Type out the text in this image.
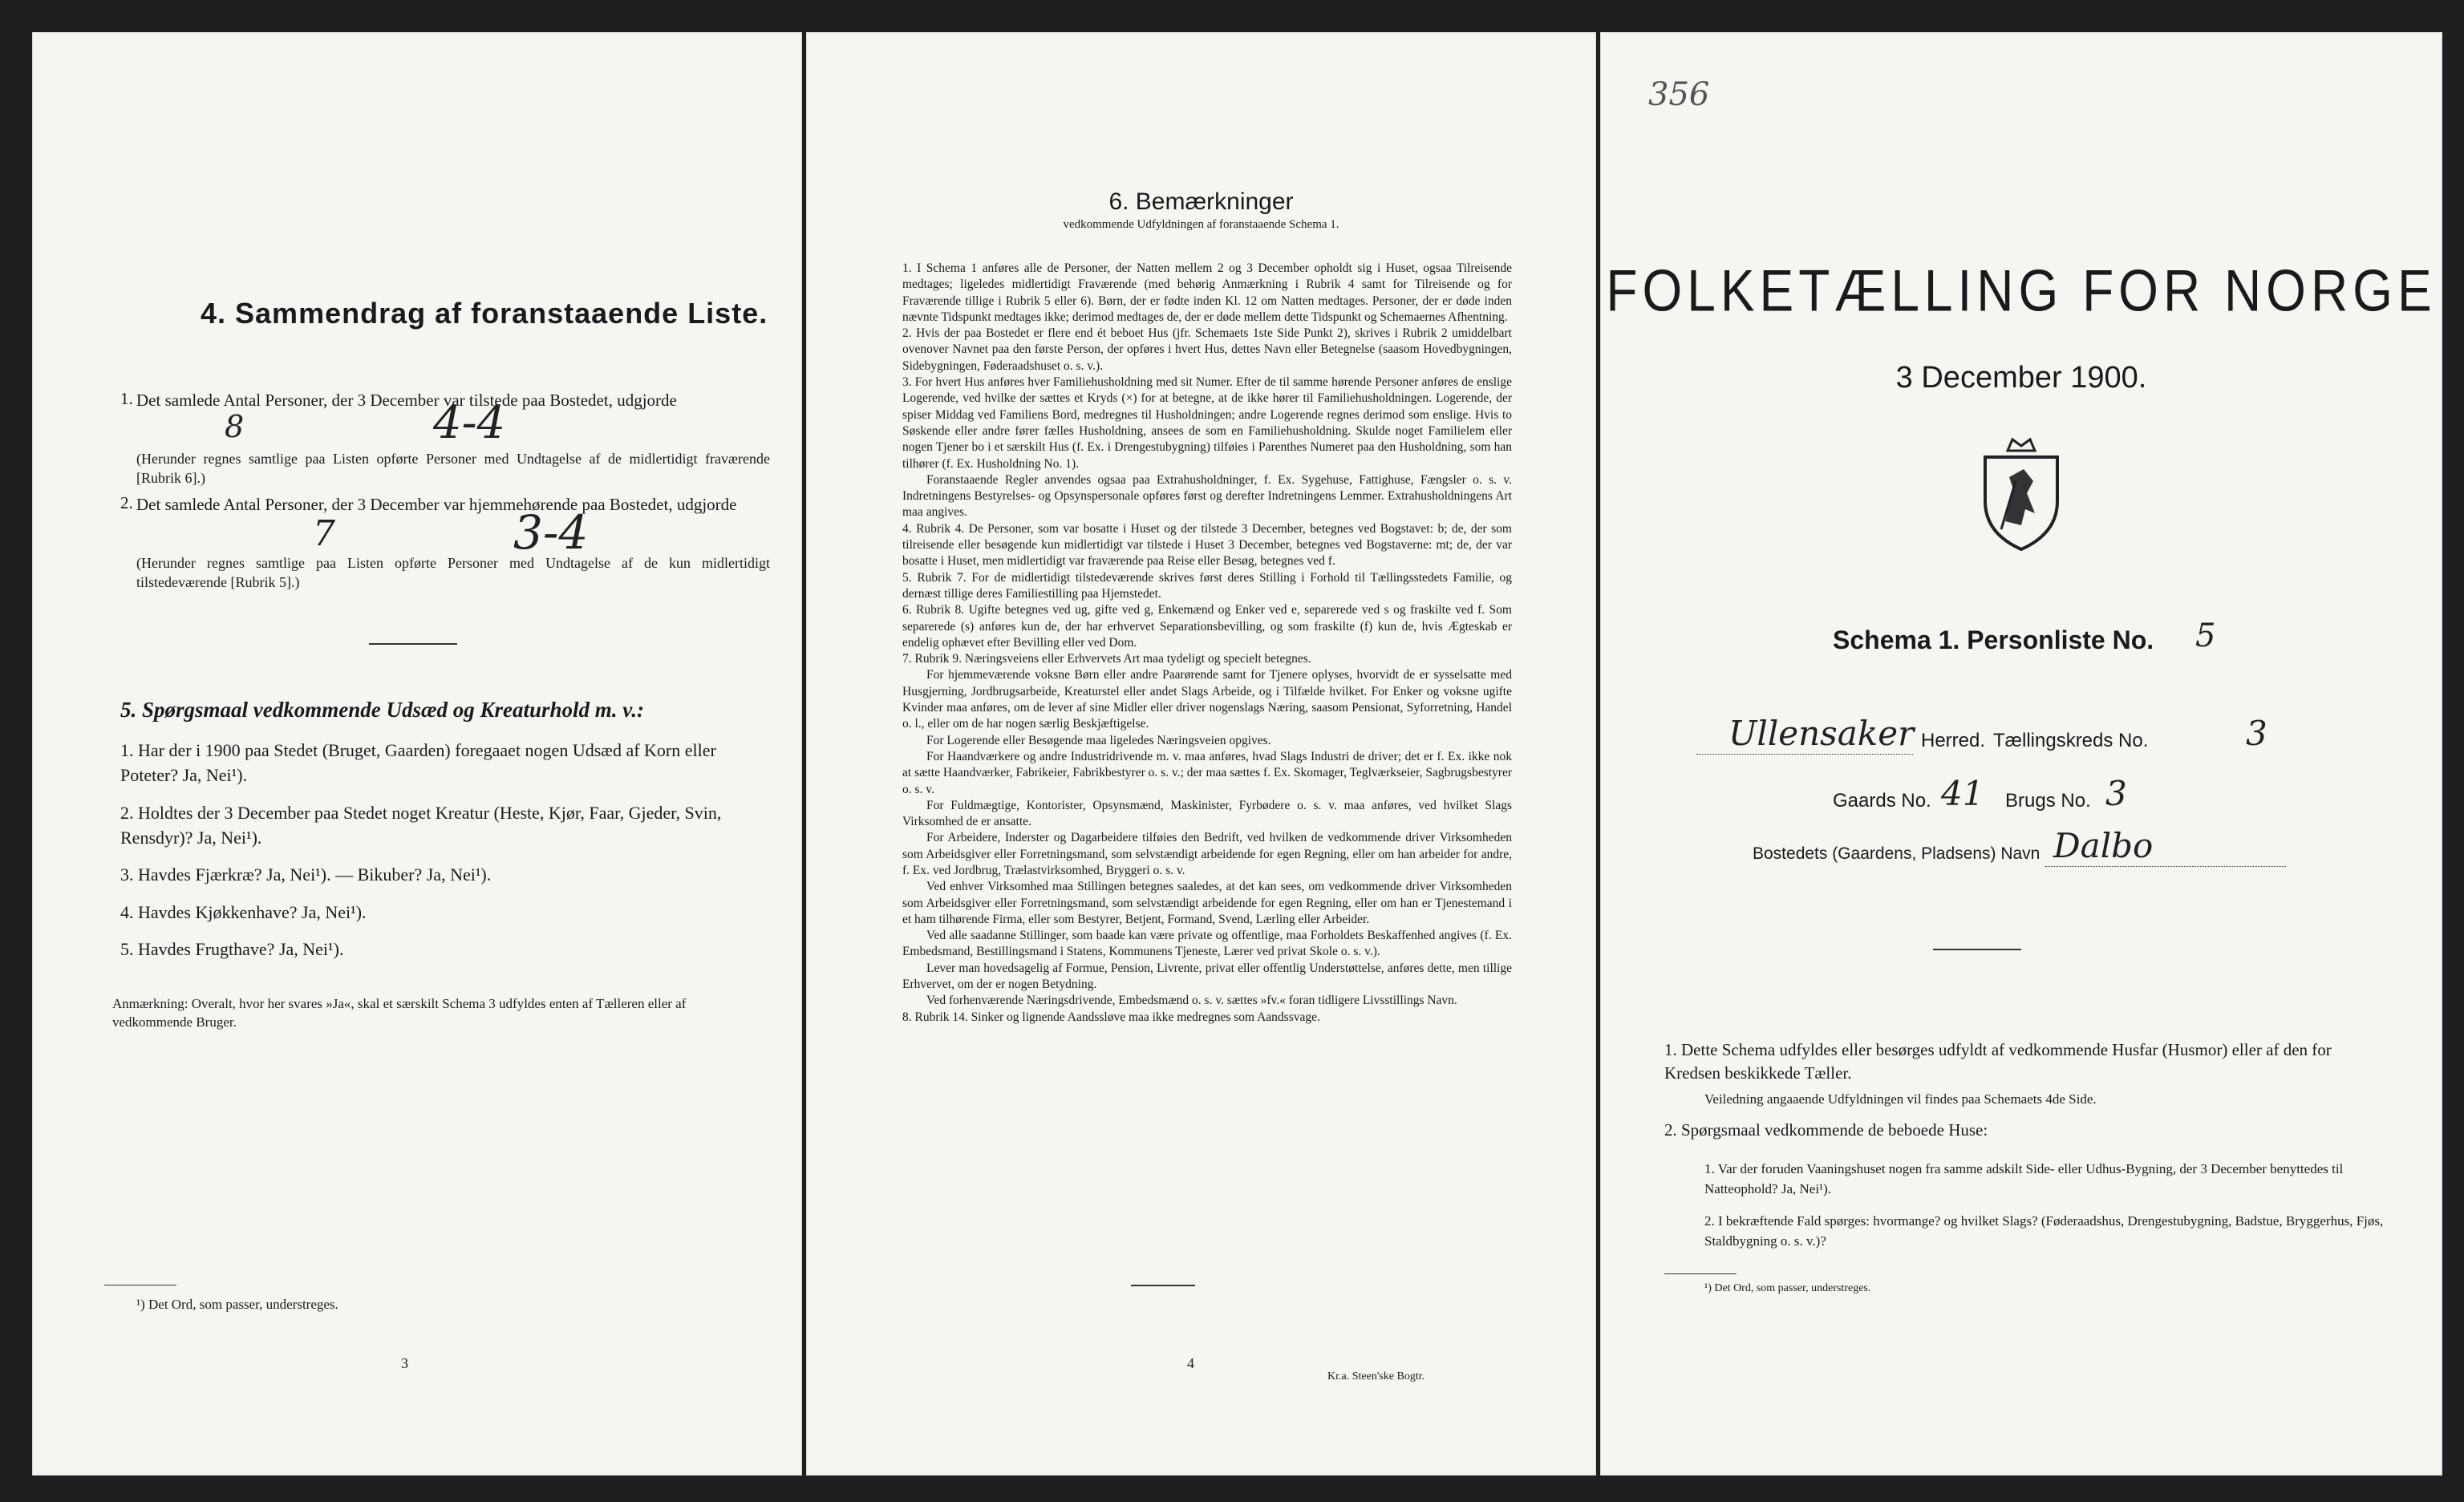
4. Sammendrag af foranstaaende Liste.
1. Det samlede Antal Personer, der 3 December var tilstede paa Bostedet, udgjorde
8	4-4
(Herunder regnes samtlige paa Listen opførte Personer med Undtagelse af de midlertidigt fraværende [Rubrik 6].)
2. Det samlede Antal Personer, der 3 December var hjemmehørende paa Bostedet, udgjorde
7	3-4
(Herunder regnes samtlige paa Listen opførte Personer med Undtagelse af de kun midlertidigt tilstedeværende [Rubrik 5].)
5. Spørgsmaal vedkommende Udsæd og Kreaturhold m. v.:
1. Har der i 1900 paa Stedet (Bruget, Gaarden) foregaaet nogen Udsæd af Korn eller Poteter? Ja, Nei¹).
2. Holdtes der 3 December paa Stedet noget Kreatur (Heste, Kjør, Faar, Gjeder, Svin, Rensdyr)? Ja, Nei¹).
3. Havdes Fjærkræ? Ja, Nei¹). — Bikuber? Ja, Nei¹).
4. Havdes Kjøkkenhave? Ja, Nei¹).
5. Havdes Frugthave? Ja, Nei¹).
Anmærkning: Overalt, hvor her svares »Ja«, skal et særskilt Schema 3 udfyldes enten af Tælleren eller af vedkommende Bruger.
¹) Det Ord, som passer, understreges.
3
6. Bemærkninger
vedkommende Udfyldningen af foranstaaende Schema 1.

1. I Schema 1 anføres alle de Personer, der Natten mellem 2 og 3 December opholdt sig i Huset, ogsaa Tilreisende medtages; ligeledes midlertidigt Fraværende (med behørig Anmærkning i Rubrik 4 samt for Tilreisende og for Fraværende tillige i Rubrik 5 eller 6). Børn, der er fødte inden Kl. 12 om Natten medtages. Personer, der er døde inden nævnte Tidspunkt medtages ikke; derimod medtages de, der er døde mellem dette Tidspunkt og Schemaernes Afhentning.

2. Hvis der paa Bostedet er flere end ét beboet Hus (jfr. Schemaets 1ste Side Punkt 2), skrives i Rubrik 2 umiddelbart ovenover Navnet paa den første Person, der opføres i hvert Hus, dettes Navn eller Betegnelse (saasom Hovedbygningen, Sidebygningen, Føderaadshuset o. s. v.).

3. For hvert Hus anføres hver Familiehusholdning med sit Numer. Efter de til samme hørende Personer anføres de enslige Logerende, ved hvilke der sættes et Kryds (×) for at betegne, at de ikke hører til Familiehusholdningen. Logerende, der spiser Middag ved Familiens Bord, medregnes til Husholdningen; andre Logerende regnes derimod som enslige. Hvis to Søskende eller andre fører fælles Husholdning, ansees de som en Familiehusholdning. Skulde noget Familielem eller nogen Tjener bo i et særskilt Hus (f. Ex. i Drengestubygning) tilføies i Parenthes Numeret paa den Husholdning, som han tilhører (f. Ex. Husholdning No. 1).

Foranstaaende Regler anvendes ogsaa paa Extrahusholdninger, f. Ex. Sygehuse, Fattighuse, Fængsler o. s. v. Indretningens Bestyrelses- og Opsynspersonale opføres først og derefter Indretningens Lemmer. Extrahusholdningens Art maa angives.

4. Rubrik 4. De Personer, som var bosatte i Huset og der tilstede 3 December, betegnes ved Bogstavet: b; de, der som tilreisende eller besøgende kun midlertidigt var tilstede i Huset 3 December, betegnes ved Bogstaverne: mt; de, der var bosatte i Huset, men midlertidigt var fraværende paa Reise eller Besøg, betegnes ved f.

5. Rubrik 7. For de midlertidigt tilstedeværende skrives først deres Stilling i Forhold til Tællingsstedets Familie, og dernæst tillige deres Familiestilling paa Hjemstedet.

6. Rubrik 8. Ugifte betegnes ved ug, gifte ved g, Enkemænd og Enker ved e, separerede ved s og fraskilte ved f. Som separerede (s) anføres kun de, der har erhvervet Separationsbevilling, og som fraskilte (f) kun de, hvis Ægteskab er endelig ophævet efter Bevilling eller ved Dom.

7. Rubrik 9. Næringsveiens eller Erhvervets Art maa tydeligt og specielt betegnes.

For hjemmeværende voksne Børn eller andre Paarørende samt for Tjenere oplyses, hvorvidt de er sysselsatte med Husgjerning, Jordbrugsarbeide, Kreaturstel eller andet Slags Arbeide, og i Tilfælde hvilket. For Enker og voksne ugifte Kvinder maa anføres, om de lever af sine Midler eller driver nogenslags Næring, saasom Pensionat, Syforretning, Handel o. l., eller om de har nogen særlig Beskjæftigelse.

For Logerende eller Besøgende maa ligeledes Næringsveien opgives.

For Haandværkere og andre Industridrivende m. v. maa anføres, hvad Slags Industri de driver; det er f. Ex. ikke nok at sætte Haandværker, Fabrikeier, Fabrikbestyrer o. s. v.; der maa sættes f. Ex. Skomager, Teglværkseier, Sagbrugsbestyrer o. s. v.

For Fuldmægtige, Kontorister, Opsynsmænd, Maskinister, Fyrbødere o. s. v. maa anføres, ved hvilket Slags Virksomhed de er ansatte.

For Arbeidere, Inderster og Dagarbeidere tilføies den Bedrift, ved hvilken de vedkommende driver Virksomheden som Arbeidsgiver eller Forretningsmand, som selvstændigt arbeidende for egen Regning, eller om han arbeider for andre, f. Ex. ved Jordbrug, Trælastvirksomhed, Bryggeri o. s. v.

Ved enhver Virksomhed maa Stillingen betegnes saaledes, at det kan sees, om vedkommende driver Virksomheden som Arbeidsgiver eller Forretningsmand, som selvstændigt arbeidende for egen Regning, eller om han er Tjenestemand i et ham tilhørende Firma, eller som Bestyrer, Betjent, Formand, Svend, Lærling eller Arbeider.

Ved alle saadanne Stillinger, som baade kan være private og offentlige, maa Forholdets Beskaffenhed angives (f. Ex. Embedsmand, Bestillingsmand i Statens, Kommunens Tjeneste, Lærer ved privat Skole o. s. v.).

Lever man hovedsagelig af Formue, Pension, Livrente, privat eller offentlig Understøttelse, anføres dette, men tillige Erhvervet, om der er nogen Betydning.

Ved forhenværende Næringsdrivende, Embedsmænd o. s. v. sættes »fv.« foran tidligere Livsstillings Navn.

8. Rubrik 14. Sinker og lignende Aandssløve maa ikke medregnes som Aandssvage.

4
Kr.a. Steen'ske Bogtr.
356
FOLKETÆLLING FOR NORGE
3 December 1900.
Schema 1. Personliste No. 5
Ullensaker Herred. Tællingskreds No.	3
Gaards No. 41 Brugs No. 3
Bostedets (Gaardens, Pladsens) Navn Dalbo
1. Dette Schema udfyldes eller besørges udfyldt af vedkommende Husfar (Husmor) eller af den for Kredsen beskikkede Tæller.
Veiledning angaaende Udfyldningen vil findes paa Schemaets 4de Side.
2. Spørgsmaal vedkommende de beboede Huse:
1. Var der foruden Vaaningshuset nogen fra samme adskilt Side- eller Udhus-Bygning, der 3 December benyttedes til Natteophold? Ja, Nei¹).
2. I bekræftende Fald spørges: hvormange? og hvilket Slags? (Føderaadshus, Drengestubygning, Badstue, Bryggerhus, Fjøs, Staldbygning o. s. v.)?
¹) Det Ord, som passer, understreges.
